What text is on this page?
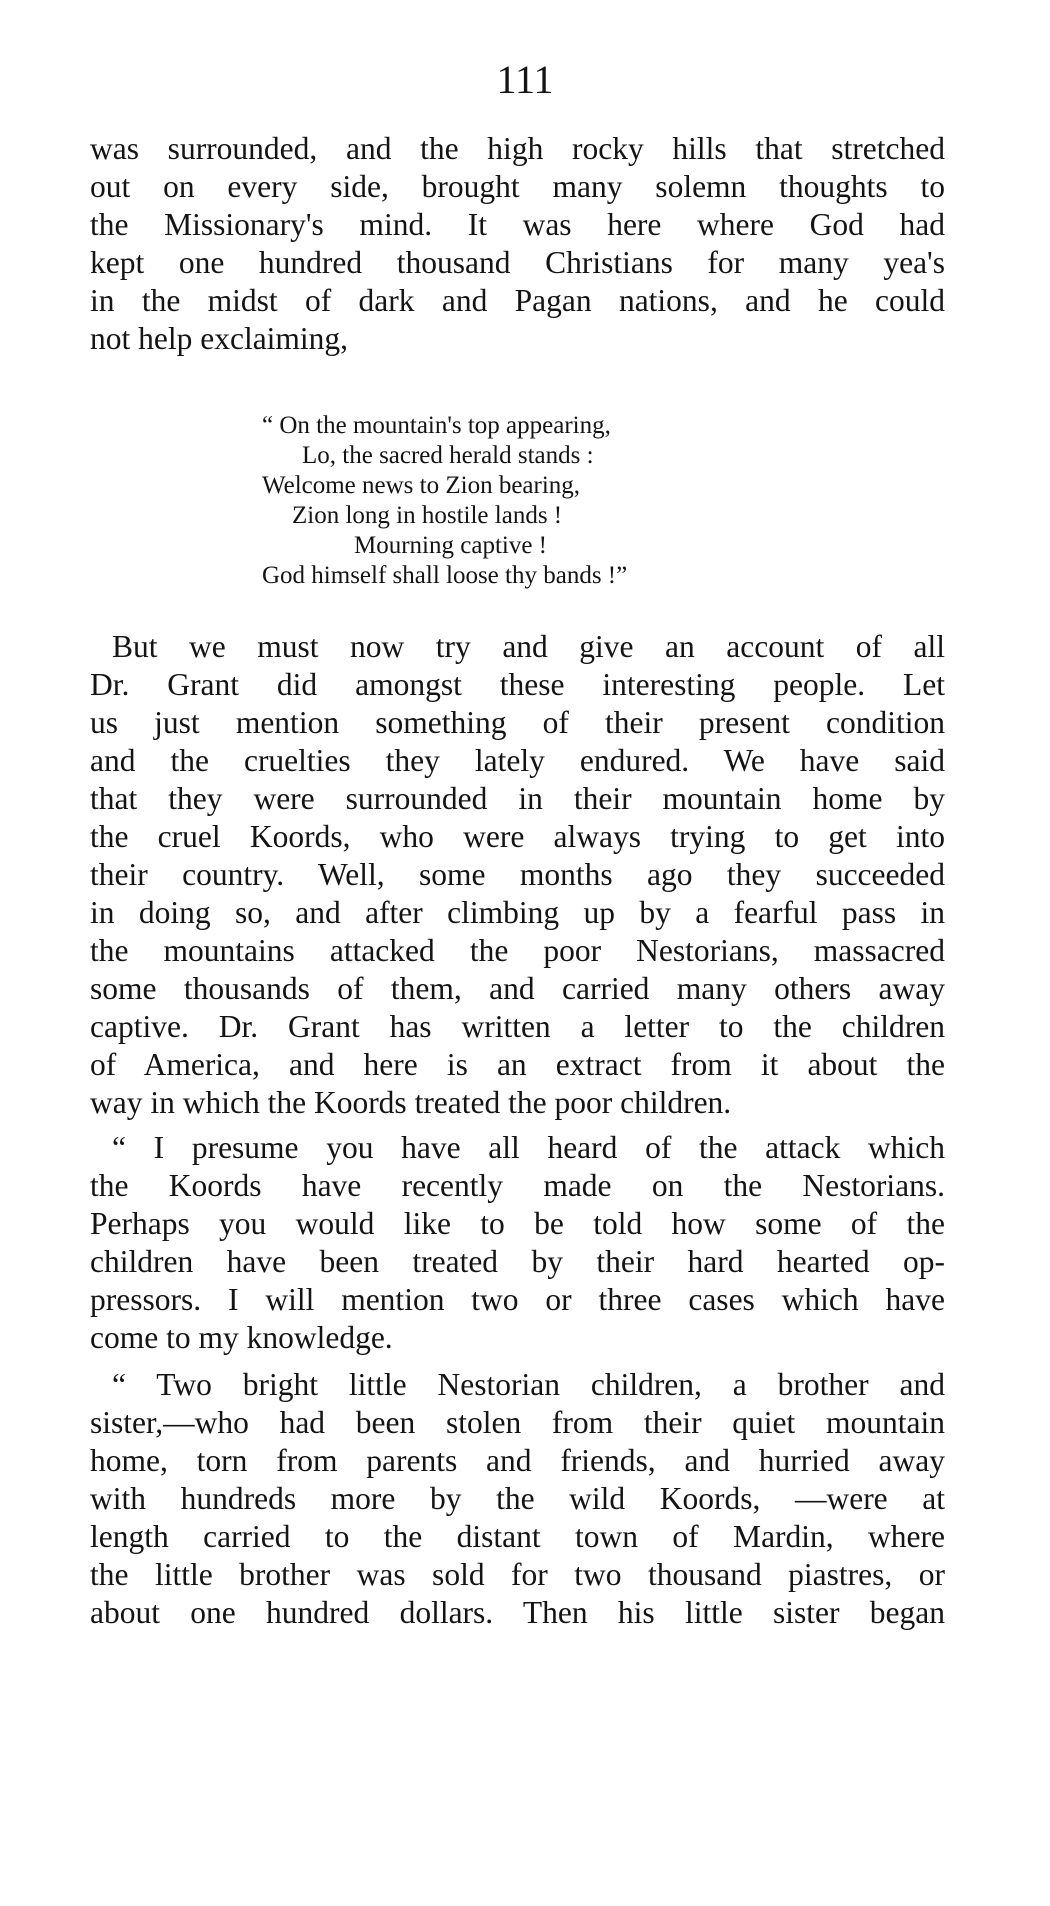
111
was surrounded, and the high rocky hills that stretched
out on every side, brought many solemn thoughts to
the Missionary's mind. It was here where God had
kept one hundred thousand Christians for many yea's
in the midst of dark and Pagan nations, and he could
not help exclaiming,
“ On the mountain's top appearing,
Lo, the sacred herald stands :
Welcome news to Zion bearing,
Zion long in hostile lands !
Mourning captive !
God himself shall loose thy bands !”
But we must now try and give an account of all
Dr. Grant did amongst these interesting people. Let
us just mention something of their present condition
and the cruelties they lately endured. We have said
that they were surrounded in their mountain home by
the cruel Koords, who were always trying to get into
their country. Well, some months ago they succeeded
in doing so, and after climbing up by a fearful pass in
the mountains attacked the poor Nestorians, massacred
some thousands of them, and carried many others away
captive. Dr. Grant has written a letter to the children
of America, and here is an extract from it about the
way in which the Koords treated the poor children.
“ I presume you have all heard of the attack which
the Koords have recently made on the Nestorians.
Perhaps you would like to be told how some of the
children have been treated by their hard hearted op-
pressors. I will mention two or three cases which have
come to my knowledge.
“ Two bright little Nestorian children, a brother and
sister,—who had been stolen from their quiet mountain
home, torn from parents and friends, and hurried away
with hundreds more by the wild Koords, —were at
length carried to the distant town of Mardin, where
the little brother was sold for two thousand piastres, or
about one hundred dollars. Then his little sister began
